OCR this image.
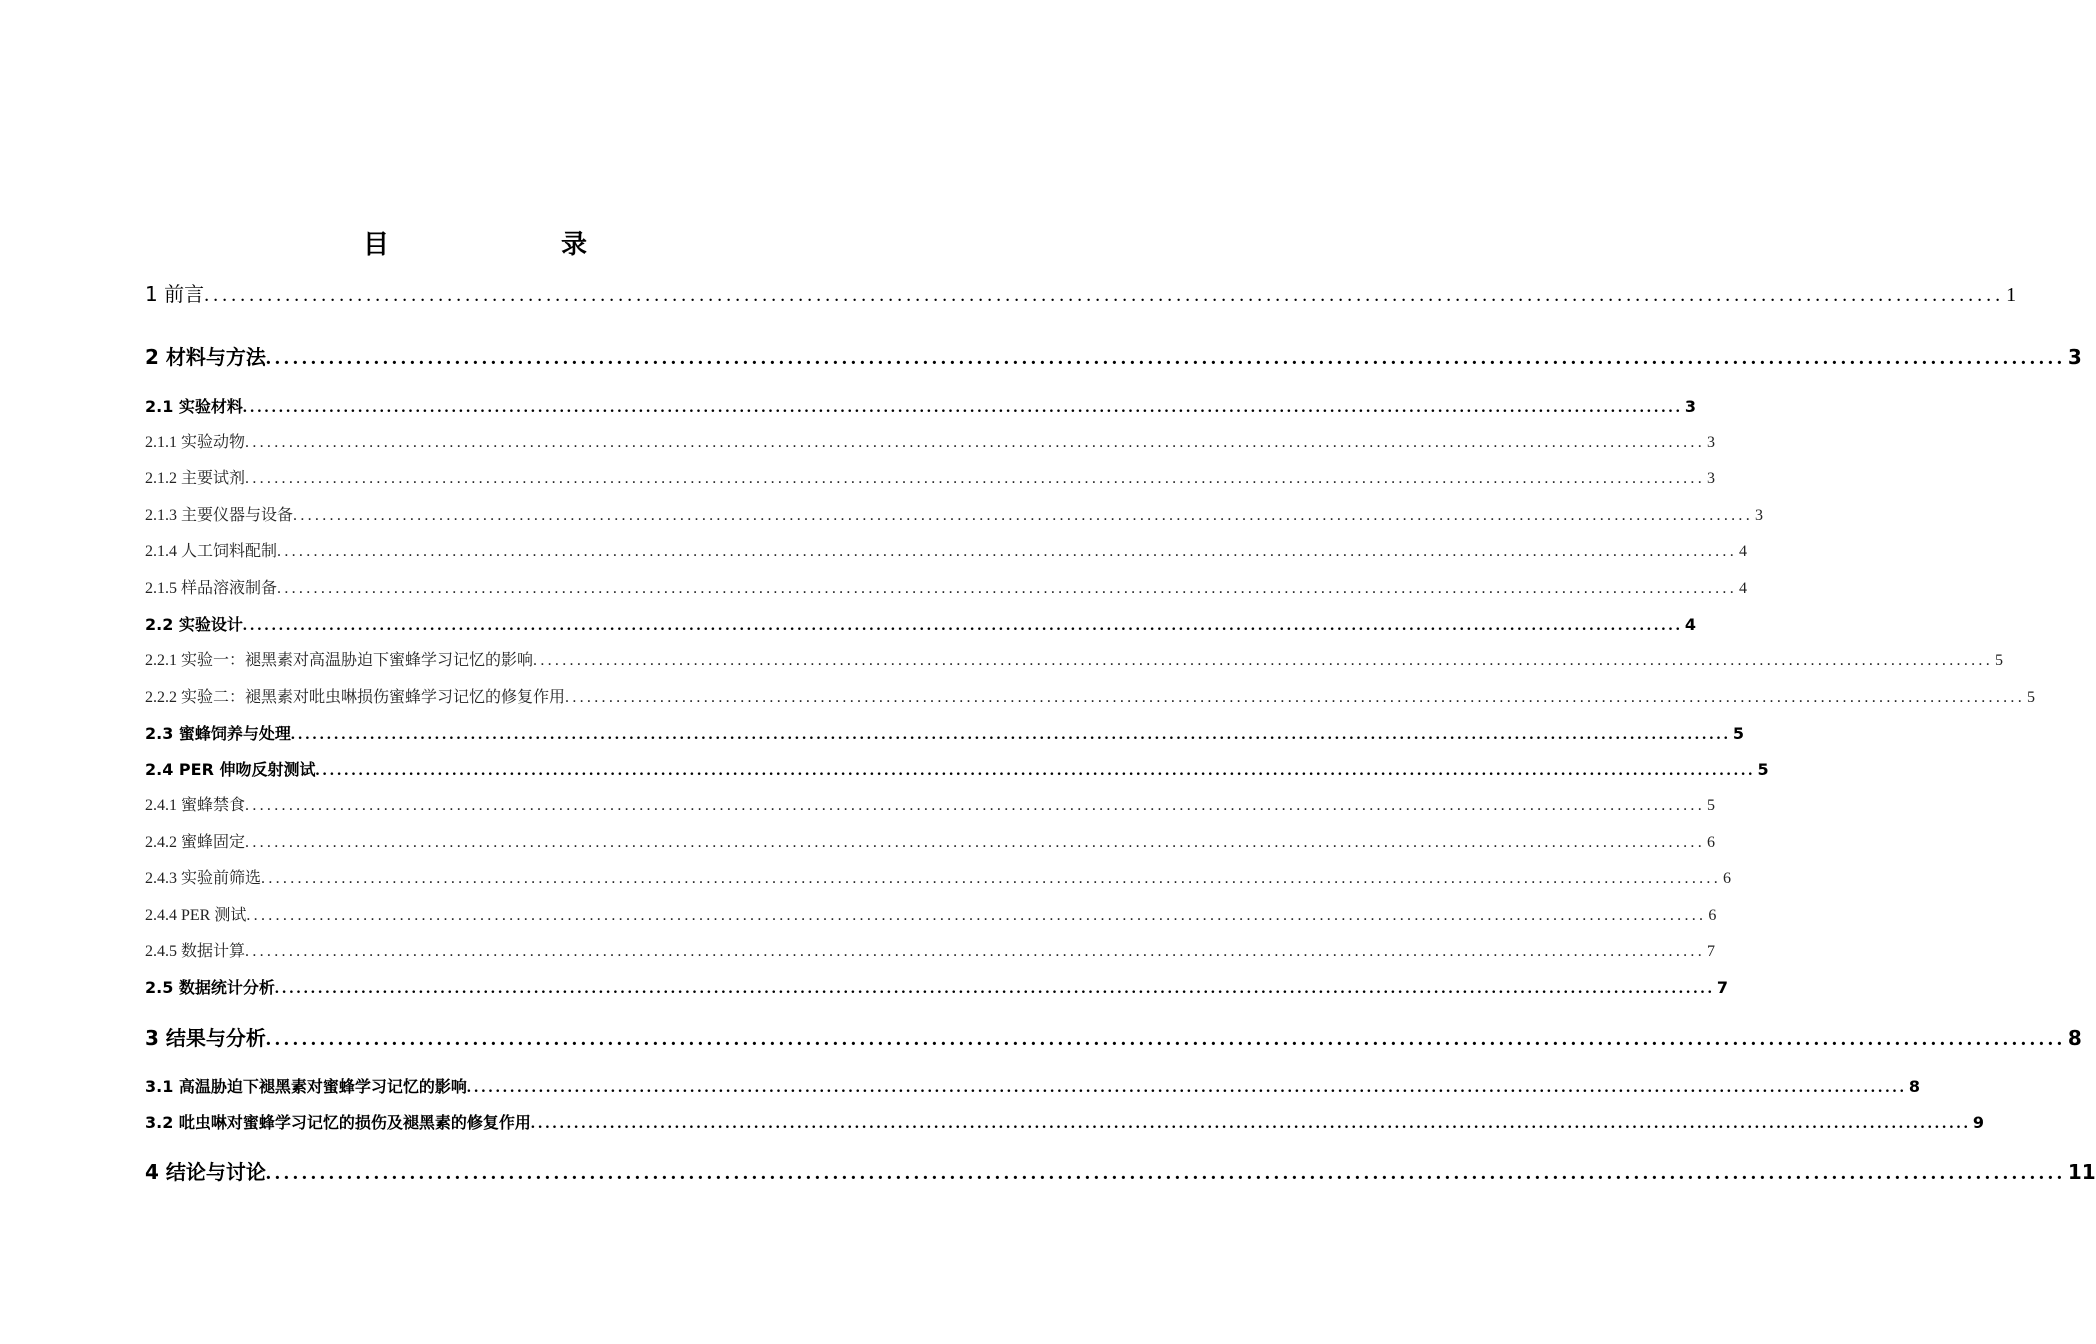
目　　录
1 前言 ........................................................................................................................................................................................................ 1
2 材料与方法 ........................................................................................................................................................................................................ 3
2.1 实验材料 ........................................................................................................................................................................................................ 3
2.1.1 实验动物 ........................................................................................................................................................................................................ 3
2.1.2 主要试剂 ........................................................................................................................................................................................................ 3
2.1.3 主要仪器与设备 ........................................................................................................................................................................................................ 3
2.1.4 人工饲料配制 ........................................................................................................................................................................................................ 4
2.1.5 样品溶液制备 ........................................................................................................................................................................................................ 4
2.2 实验设计 ........................................................................................................................................................................................................ 4
2.2.1 实验一：褪黑素对高温胁迫下蜜蜂学习记忆的影响 ........................................................................................................................................................................................................ 5
2.2.2 实验二：褪黑素对吡虫啉损伤蜜蜂学习记忆的修复作用 ........................................................................................................................................................................................................ 5
2.3 蜜蜂饲养与处理 ........................................................................................................................................................................................................ 5
2.4 PER 伸吻反射测试 ........................................................................................................................................................................................................ 5
2.4.1 蜜蜂禁食 ........................................................................................................................................................................................................ 5
2.4.2 蜜蜂固定 ........................................................................................................................................................................................................ 6
2.4.3 实验前筛选 ........................................................................................................................................................................................................ 6
2.4.4 PER 测试 ........................................................................................................................................................................................................ 6
2.4.5 数据计算 ........................................................................................................................................................................................................ 7
2.5 数据统计分析 ........................................................................................................................................................................................................ 7
3 结果与分析 ........................................................................................................................................................................................................ 8
3.1 高温胁迫下褪黑素对蜜蜂学习记忆的影响 ........................................................................................................................................................................................................ 8
3.2 吡虫啉对蜜蜂学习记忆的损伤及褪黑素的修复作用 ........................................................................................................................................................................................................ 9
4 结论与讨论 ........................................................................................................................................................................................................ 11
